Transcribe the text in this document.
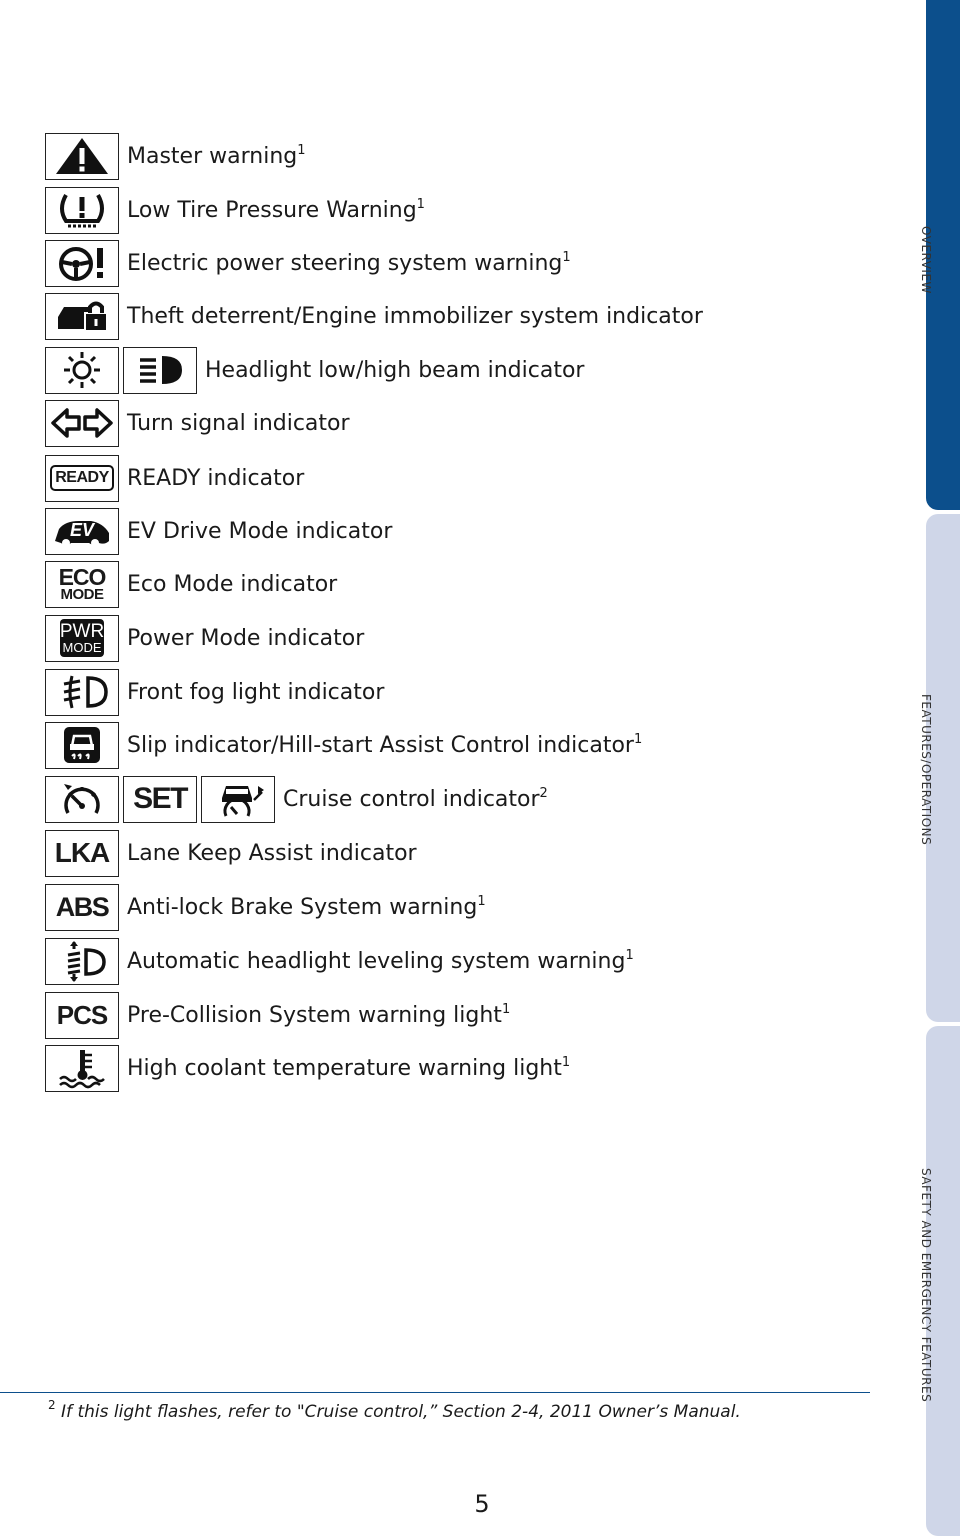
OVERVIEW
FEATURES/OPERATIONS
SAFETY AND EMERGENCY FEATURES
Master warning$^1$
Low Tire Pressure Warning$^1$
Electric power steering system warning$^1$
Theft deterrent/Engine immobilizer system indicator
Headlight low/high beam indicator
Turn signal indicator
READY READY indicator
EV EV Drive Mode indicator
ECO
MODE Eco Mode indicator
PWR
MODE Power Mode indicator
Front fog light indicator
Slip indicator/Hill-start Assist Control indicator$^1$
SET	Cruise control indicator$^2$
LKA Lane Keep Assist indicator
ABS Anti-lock Brake System warning$^1$
Automatic headlight leveling system warning$^1$
PCS Pre-Collision System warning light$^1$
High coolant temperature warning light$^1$
$^2$ If this light flashes, refer to "Cruise control,” Section 2-4, 2011 Owner’s Manual.
5
